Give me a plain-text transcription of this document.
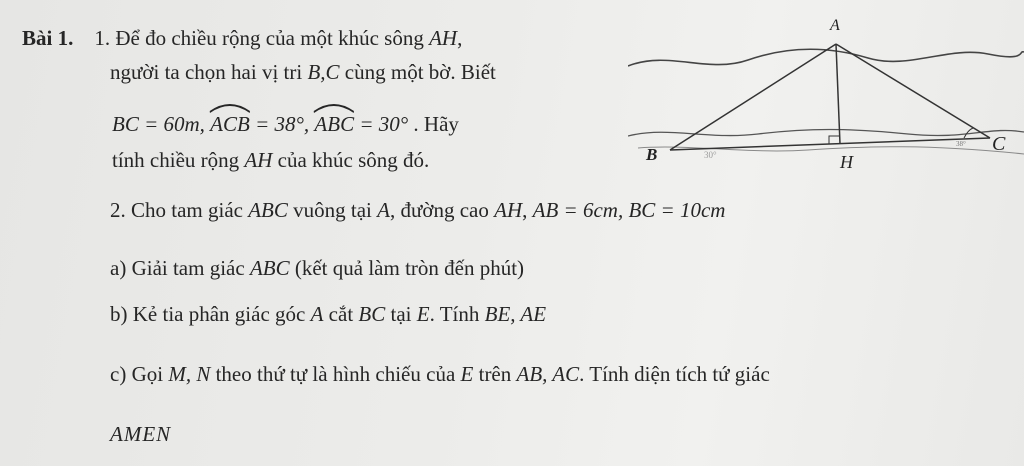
Bài 1. 1. Để đo chiều rộng của một khúc sông AH,
người ta chọn hai vị tri B,C cùng một bờ. Biết
BC = 60m, ACB = 38°, ABC = 30° . Hãy
tính chiều rộng AH của khúc sông đó.
A
B	C
H
30°
38°
2. Cho tam giác ABC vuông tại A, đường cao AH, AB = 6cm, BC = 10cm
a) Giải tam giác ABC (kết quả làm tròn đến phút)
b) Kẻ tia phân giác góc A cắt BC tại E. Tính BE, AE
c) Gọi M, N theo thứ tự là hình chiếu của E trên AB, AC. Tính diện tích tứ giác
AMEN
